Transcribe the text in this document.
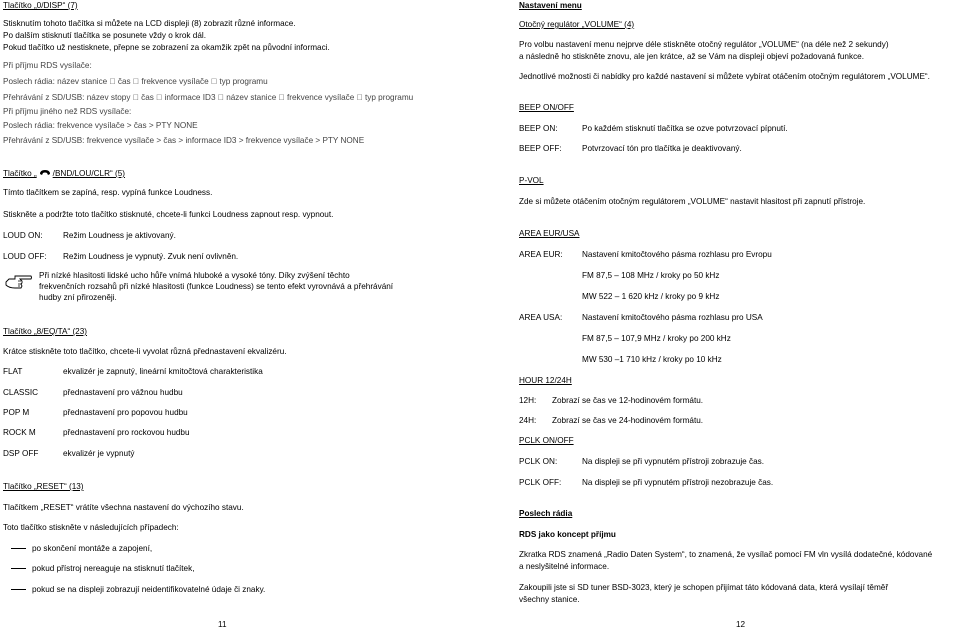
Tlačítko „0/DISP“ (7)
Stisknutím tohoto tlačítka si můžete na LCD displeji (8) zobrazit různé informace.
Po dalším stisknutí tlačítka se posunete vždy o krok dál.
Pokud tlačítko už nestisknete, přepne se zobrazení za okamžik zpět na původní informaci.
Při příjmu RDS vysílače:
Poslech rádia: název stanice čas frekvence vysílače typ programu
Přehrávání z SD/USB: název stopy čas informace ID3 název stanice frekvence vysílače typ programu
Při příjmu jiného než RDS vysílače:
Poslech rádia: frekvence vysílače > čas > PTY NONE
Přehrávání z SD/USB: frekvence vysílače > čas > informace ID3 > frekvence vysílače > PTY NONE
Tlačítko „ /BND/LOU/CLR“ (5)
Tímto tlačítkem se zapíná, resp. vypíná funkce Loudness.
Stiskněte a podržte toto tlačítko stisknuté, chcete-li funkci Loudness zapnout resp. vypnout.
LOUD ON: Režim Loudness je aktivovaný.
LOUD OFF: Režim Loudness je vypnutý. Zvuk není ovlivněn.
Při nízké hlasitosti lidské ucho hůře vnímá hluboké a vysoké tóny. Díky zvýšení těchto
frekvenčních rozsahů při nízké hlasitosti (funkce Loudness) se tento efekt vyrovnává a přehrávání
hudby zní přirozeněji.
Tlačítko „8/EQ/TA“ (23)
Krátce stiskněte toto tlačítko, chcete-li vyvolat různá přednastavení ekvalizéru.
FLAT	ekvalizér je zapnutý, lineární kmitočtová charakteristika
CLASSIC	přednastavení pro vážnou hudbu
POP M	přednastavení pro popovou hudbu
ROCK M	přednastavení pro rockovou hudbu
DSP OFF	ekvalizér je vypnutý
Tlačítko „RESET“ (13)
Tlačítkem „RESET“ vrátíte všechna nastavení do výchozího stavu.
Toto tlačítko stiskněte v následujících případech:
po skončení montáže a zapojení,
pokud přístroj nereaguje na stisknutí tlačítek,
pokud se na displeji zobrazují neidentifikovatelné údaje či znaky.
11
Nastavení menu
Otočný regulátor „VOLUME“ (4)
Pro volbu nastavení menu nejprve déle stiskněte otočný regulátor „VOLUME“ (na déle než 2 sekundy)
a následně ho stiskněte znovu, ale jen krátce, až se Vám na displeji objeví požadovaná funkce.
Jednotlivé možnosti či nabídky pro každé nastavení si můžete vybírat otáčením otočným regulátorem „VOLUME“.
BEEP ON/OFF
BEEP ON:	Po každém stisknutí tlačítka se ozve potvrzovací pípnutí.
BEEP OFF: Potvrzovací tón pro tlačítka je deaktivovaný.
P-VOL
Zde si můžete otáčením otočným regulátorem „VOLUME“ nastavit hlasitost při zapnutí přístroje.
AREA EUR/USA
AREA EUR: Nastavení kmitočtového pásma rozhlasu pro Evropu
FM 87,5 – 108 MHz / kroky po 50 kHz
MW 522 – 1 620 kHz / kroky po 9 kHz
AREA USA: Nastavení kmitočtového pásma rozhlasu pro USA
FM 87,5 – 107,9 MHz / kroky po 200 kHz
MW 530 –1 710 kHz / kroky po 10 kHz
HOUR 12/24H
12H: Zobrazí se čas ve 12-hodinovém formátu.
24H: Zobrazí se čas ve 24-hodinovém formátu.
PCLK ON/OFF
PCLK ON:	Na displeji se při vypnutém přístroji zobrazuje čas.
PCLK OFF:	Na displeji se při vypnutém přístroji nezobrazuje čas.
Poslech rádia
RDS jako koncept příjmu
Zkratka RDS znamená „Radio Daten System“, to znamená, že vysílač pomocí FM vln vysílá dodatečné, kódované
a neslyšitelné informace.
Zakoupili jste si SD tuner BSD-3023, který je schopen přijímat táto kódovaná data, která vysílají těměř
všechny stanice.
12
